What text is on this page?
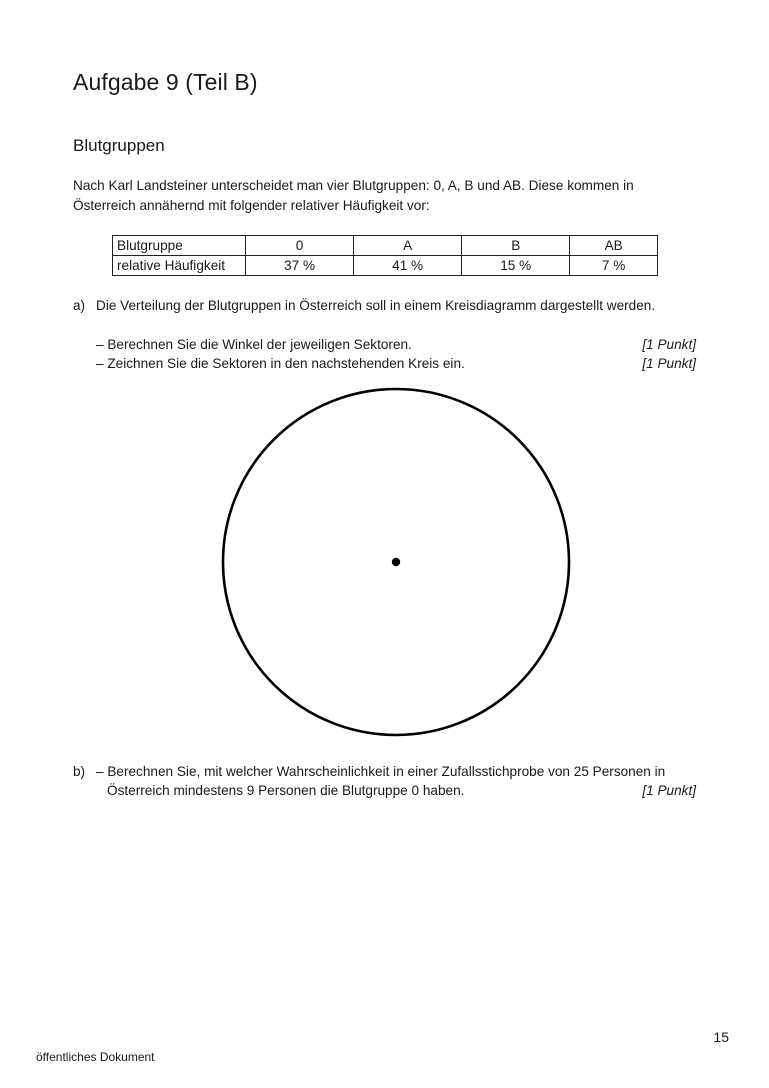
Aufgabe 9 (Teil B)
Blutgruppen

Nach Karl Landsteiner unterscheidet man vier Blutgruppen: 0, A, B und AB. Diese kommen in
Österreich annähernd mit folgender relativer Häufigkeit vor:

Blutgruppe	0	A	B	AB
relative Häufigkeit	37 %	41 %	15 %	7 %
a) Die Verteilung der Blutgruppen in Österreich soll in einem Kreisdiagramm dargestellt werden.
– Berechnen Sie die Winkel der jeweiligen Sektoren.	[1 Punkt]
– Zeichnen Sie die Sektoren in den nachstehenden Kreis ein.	[1 Punkt]
b) – Berechnen Sie, mit welcher Wahrscheinlichkeit in einer Zufallsstichprobe von 25 Personen in
Österreich mindestens 9 Personen die Blutgruppe 0 haben.	[1 Punkt]
15
öffentliches Dokument
